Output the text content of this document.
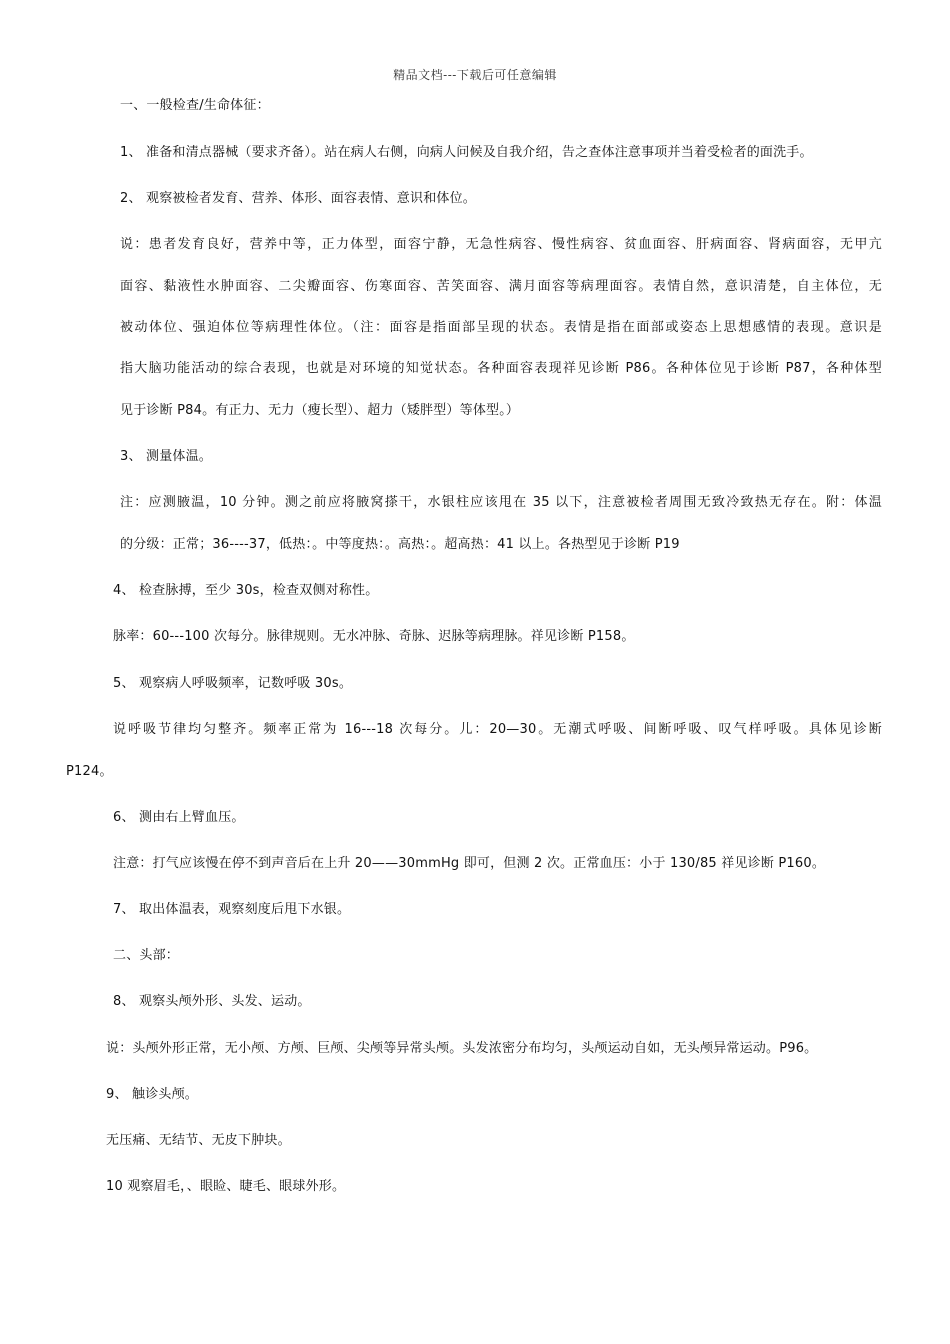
精品文档---下载后可任意编辑
一、一般检查/生命体征：
1、 准备和清点器械（要求齐备）。站在病人右侧，向病人问候及自我介绍，告之查体注意事项并当着受检者的面洗手。
2、 观察被检者发育、营养、体形、面容表情、意识和体位。
说：患者发育良好，营养中等，正力体型，面容宁静，无急性病容、慢性病容、贫血面容、肝病面容、肾病面容，无甲亢
面容、黏液性水肿面容、二尖瓣面容、伤寒面容、苦笑面容、满月面容等病理面容。表情自然，意识清楚，自主体位，无
被动体位、强迫体位等病理性体位。（注：面容是指面部呈现的状态。表情是指在面部或姿态上思想感情的表现。意识是
指大脑功能活动的综合表现，也就是对环境的知觉状态。各种面容表现祥见诊断 P86。各种体位见于诊断 P87，各种体型
见于诊断 P84。有正力、无力（瘦长型）、超力（矮胖型）等体型。）
3、 测量体温。
注：应测腋温，10 分钟。测之前应将腋窝搽干，水银柱应该甩在 35 以下，注意被检者周围无致冷致热无存在。附：体温
的分级：正常；36----37，低热：。中等度热：。高热：。超高热：41 以上。各热型见于诊断 P19
4、 检查脉搏，至少 30s，检查双侧对称性。
脉率：60---100 次每分。脉律规则。无水冲脉、奇脉、迟脉等病理脉。祥见诊断 P158。
5、 观察病人呼吸频率，记数呼吸 30s。
说呼吸节律均匀整齐。频率正常为 16---18 次每分。儿：20—30。无潮式呼吸、间断呼吸、叹气样呼吸。具体见诊断
P124。
6、 测由右上臂血压。
注意：打气应该慢在停不到声音后在上升 20——30mmHg 即可，但测 2 次。正常血压：小于 130/85 祥见诊断 P160。
7、 取出体温表，观察刻度后甩下水银。
二、头部：
8、 观察头颅外形、头发、运动。
说：头颅外形正常，无小颅、方颅、巨颅、尖颅等异常头颅。头发浓密分布均匀，头颅运动自如，无头颅异常运动。P96。
9、 触诊头颅。
无压痛、无结节、无皮下肿块。
10 观察眉毛，、眼睑、睫毛、眼球外形。
